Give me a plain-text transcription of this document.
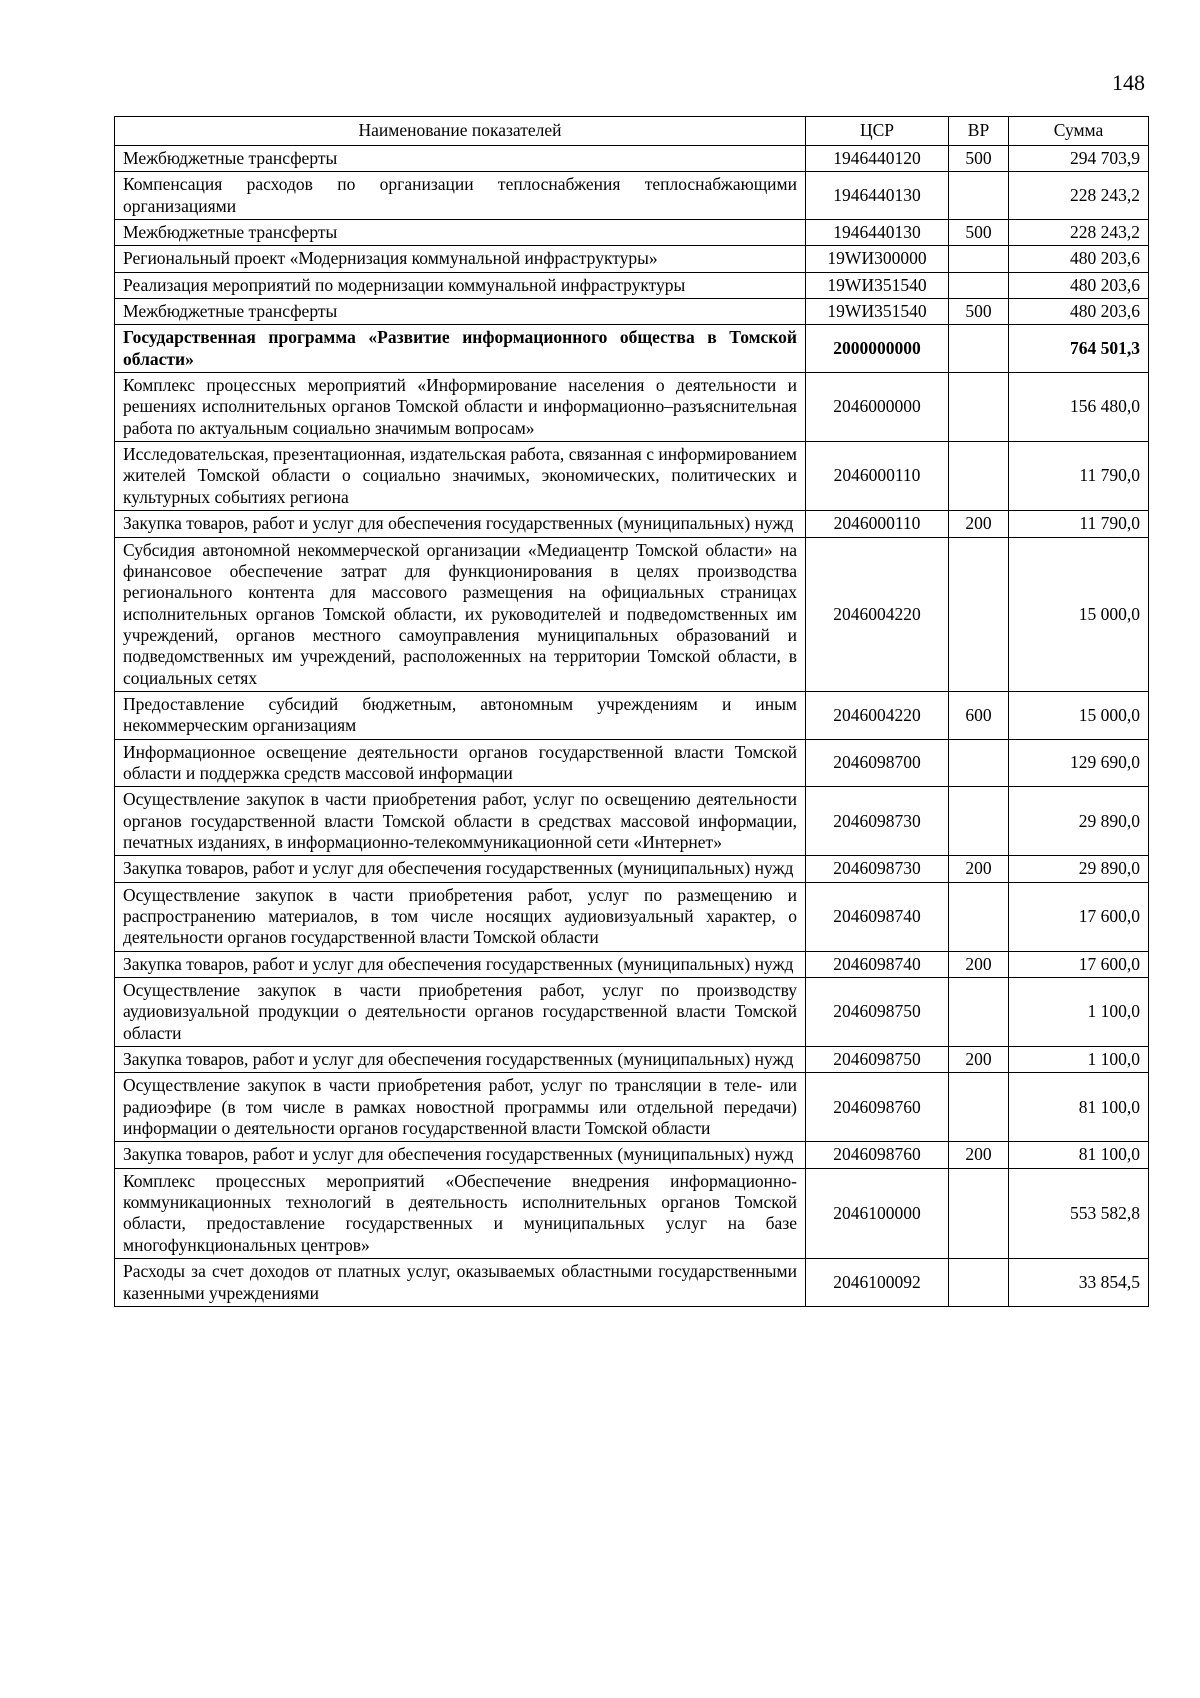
148
Наименование показателей	ЦСР	ВР	Сумма
Межбюджетные трансферты	1946440120	500	294 703,9
Компенсация расходов по организации теплоснабжения теплоснабжающими организациями	1946440130		228 243,2
Межбюджетные трансферты	1946440130	500	228 243,2
Региональный проект «Модернизация коммунальной инфраструктуры»	19WИ300000		480 203,6
Реализация мероприятий по модернизации коммунальной инфраструктуры	19WИ351540		480 203,6
Межбюджетные трансферты	19WИ351540	500	480 203,6
Государственная программа «Развитие информационного общества в Томской области»	2000000000		764 501,3
Комплекс процессных мероприятий «Информирование населения о деятельности и решениях исполнительных органов Томской области и информационно–разъяснительная работа по актуальным социально значимым вопросам»	2046000000		156 480,0
Исследовательская, презентационная, издательская работа, связанная с информированием жителей Томской области о социально значимых, экономических, политических и культурных событиях региона	2046000110		11 790,0
Закупка товаров, работ и услуг для обеспечения государственных (муниципальных) нужд	2046000110	200	11 790,0
Субсидия автономной некоммерческой организации «Медиацентр Томской области» на финансовое обеспечение затрат для функционирования в целях производства регионального контента для массового размещения на официальных страницах исполнительных органов Томской области, их руководителей и подведомственных им учреждений, органов местного самоуправления муниципальных образований и подведомственных им учреждений, расположенных на территории Томской области, в социальных сетях	2046004220		15 000,0
Предоставление субсидий бюджетным, автономным учреждениям и иным некоммерческим организациям	2046004220	600	15 000,0
Информационное освещение деятельности органов государственной власти Томской области и поддержка средств массовой информации	2046098700		129 690,0
Осуществление закупок в части приобретения работ, услуг по освещению деятельности органов государственной власти Томской области в средствах массовой информации, печатных изданиях, в информационно-телекоммуникационной сети «Интернет»	2046098730		29 890,0
Закупка товаров, работ и услуг для обеспечения государственных (муниципальных) нужд	2046098730	200	29 890,0
Осуществление закупок в части приобретения работ, услуг по размещению и распространению материалов, в том числе носящих аудиовизуальный характер, о деятельности органов государственной власти Томской области	2046098740		17 600,0
Закупка товаров, работ и услуг для обеспечения государственных (муниципальных) нужд	2046098740	200	17 600,0
Осуществление закупок в части приобретения работ, услуг по производству аудиовизуальной продукции о деятельности органов государственной власти Томской области	2046098750		1 100,0
Закупка товаров, работ и услуг для обеспечения государственных (муниципальных) нужд	2046098750	200	1 100,0
Осуществление закупок в части приобретения работ, услуг по трансляции в теле- или радиоэфире (в том числе в рамках новостной программы или отдельной передачи) информации о деятельности органов государственной власти Томской области	2046098760		81 100,0
Закупка товаров, работ и услуг для обеспечения государственных (муниципальных) нужд	2046098760	200	81 100,0
Комплекс процессных мероприятий «Обеспечение внедрения информационно-коммуникационных технологий в деятельность исполнительных органов Томской области, предоставление государственных и муниципальных услуг на базе многофункциональных центров»	2046100000		553 582,8
Расходы за счет доходов от платных услуг, оказываемых областными государственными казенными учреждениями	2046100092		33 854,5
